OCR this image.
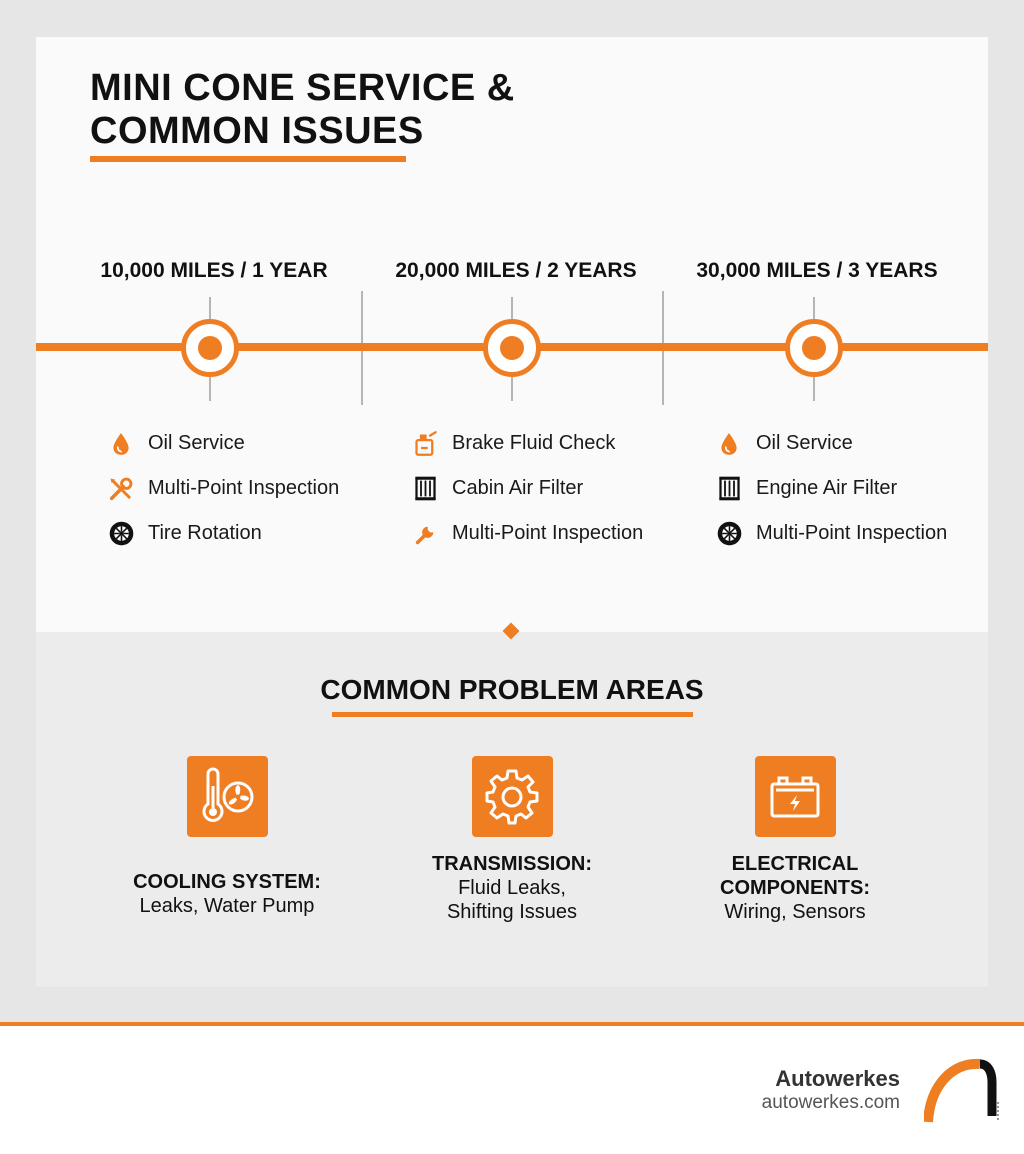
MINI CONE SERVICE &
COMMON ISSUES
10,000 MILES / 1 YEAR	20,000 MILES / 2 YEARS	30,000 MILES / 3 YEARS
Oil Service
Multi-Point Inspection
Tire Rotation
Brake Fluid Check
Cabin Air Filter
Multi-Point Inspection
Oil Service
Engine Air Filter
Multi-Point Inspection
COMMON PROBLEM AREAS
COOLING SYSTEM:
Leaks, Water Pump
TRANSMISSION:
Fluid Leaks,
Shifting Issues
ELECTRICAL
COMPONENTS:
Wiring, Sensors
Autowerkes
autowerkes.com
